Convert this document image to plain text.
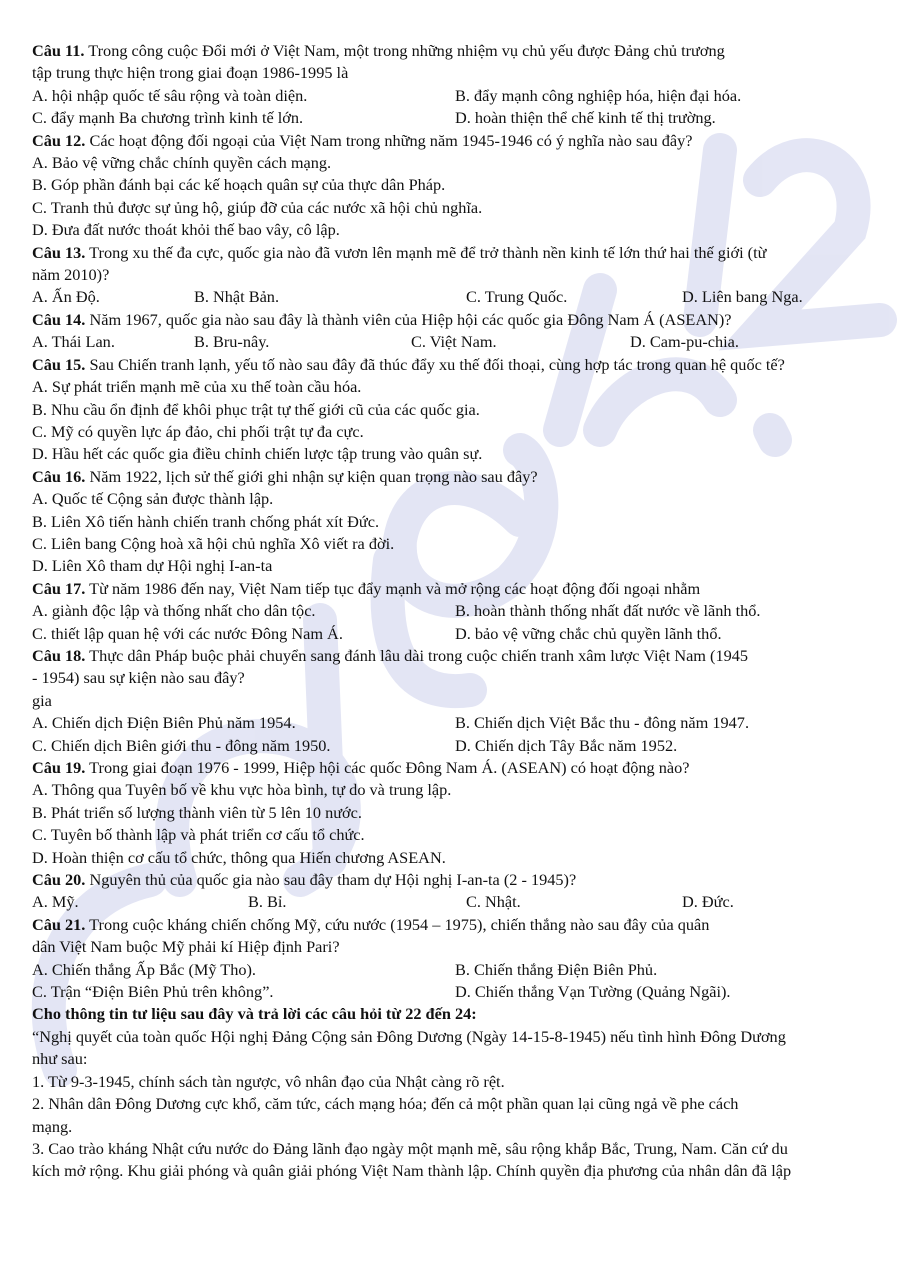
Câu 11. Trong công cuộc Đổi mới ở Việt Nam, một trong những nhiệm vụ chủ yếu được Đảng chủ trương
tập trung thực hiện trong giai đoạn 1986-1995 là
A. hội nhập quốc tế sâu rộng và toàn diện.	B. đẩy mạnh công nghiệp hóa, hiện đại hóa.
C. đẩy mạnh Ba chương trình kinh tế lớn.	D. hoàn thiện thể chế kinh tế thị trường.
Câu 12. Các hoạt động đối ngoại của Việt Nam trong những năm 1945-1946 có ý nghĩa nào sau đây?
A. Bảo vệ vững chắc chính quyền cách mạng.
B. Góp phần đánh bại các kế hoạch quân sự của thực dân Pháp.
C. Tranh thủ được sự ủng hộ, giúp đỡ của các nước xã hội chủ nghĩa.
D. Đưa đất nước thoát khỏi thế bao vây, cô lập.
Câu 13. Trong xu thế đa cực, quốc gia nào đã vươn lên mạnh mẽ để trở thành nền kinh tế lớn thứ hai thế giới (từ
năm 2010)?
A. Ấn Độ.	B. Nhật Bản.	C. Trung Quốc.	D. Liên bang Nga.
Câu 14. Năm 1967, quốc gia nào sau đây là thành viên của Hiệp hội các quốc gia Đông Nam Á (ASEAN)?
A. Thái Lan.	B. Bru-nây.	C. Việt Nam.	D. Cam-pu-chia.
Câu 15. Sau Chiến tranh lạnh, yếu tố nào sau đây đã thúc đẩy xu thế đối thoại, cùng hợp tác trong quan hệ quốc tế?
A. Sự phát triển mạnh mẽ của xu thế toàn cầu hóa.
B. Nhu cầu ổn định để khôi phục trật tự thế giới cũ của các quốc gia.
C. Mỹ có quyền lực áp đảo, chi phối trật tự đa cực.
D. Hầu hết các quốc gia điều chỉnh chiến lược tập trung vào quân sự.
Câu 16. Năm 1922, lịch sử thế giới ghi nhận sự kiện quan trọng nào sau đây?
A. Quốc tế Cộng sản được thành lập.
B. Liên Xô tiến hành chiến tranh chống phát xít Đức.
C. Liên bang Cộng hoà xã hội chủ nghĩa Xô viết ra đời.
D. Liên Xô tham dự Hội nghị I-an-ta
Câu 17. Từ năm 1986 đến nay, Việt Nam tiếp tục đẩy mạnh và mở rộng các hoạt động đối ngoại nhằm
A. giành độc lập và thống nhất cho dân tộc.	B. hoàn thành thống nhất đất nước về lãnh thổ.
C. thiết lập quan hệ với các nước Đông Nam Á.	D. bảo vệ vững chắc chủ quyền lãnh thổ.
Câu 18. Thực dân Pháp buộc phải chuyển sang đánh lâu dài trong cuộc chiến tranh xâm lược Việt Nam (1945
- 1954) sau sự kiện nào sau đây?
gia
A. Chiến dịch Điện Biên Phủ năm 1954.	B. Chiến dịch Việt Bắc thu - đông năm 1947.
C. Chiến dịch Biên giới thu - đông năm 1950.	D. Chiến dịch Tây Bắc năm 1952.
Câu 19. Trong giai đoạn 1976 - 1999, Hiệp hội các quốc Đông Nam Á. (ASEAN) có hoạt động nào?
A. Thông qua Tuyên bố về khu vực hòa bình, tự do và trung lập.
B. Phát triển số lượng thành viên từ 5 lên 10 nước.
C. Tuyên bố thành lập và phát triển cơ cấu tổ chức.
D. Hoàn thiện cơ cấu tổ chức, thông qua Hiến chương ASEAN.
Câu 20. Nguyên thủ của quốc gia nào sau đây tham dự Hội nghị I-an-ta (2 - 1945)?
A. Mỹ.	B. Bỉ.	C. Nhật.	D. Đức.
Câu 21. Trong cuộc kháng chiến chống Mỹ, cứu nước (1954 – 1975), chiến thắng nào sau đây của quân
dân Việt Nam buộc Mỹ phải kí Hiệp định Pari?
A. Chiến thắng Ấp Bắc (Mỹ Tho).	B. Chiến thắng Điện Biên Phủ.
C. Trận “Điện Biên Phủ trên không”.	D. Chiến thắng Vạn Tường (Quảng Ngãi).
Cho thông tin tư liệu sau đây và trả lời các câu hỏi từ 22 đến 24:
“Nghị quyết của toàn quốc Hội nghị Đảng Cộng sản Đông Dương (Ngày 14-15-8-1945) nếu tình hình Đông Dương
như sau:
1. Từ 9-3-1945, chính sách tàn ngược, vô nhân đạo của Nhật càng rõ rệt.
2. Nhân dân Đông Dương cực khổ, căm tức, cách mạng hóa; đến cả một phần quan lại cũng ngả về phe cách
mạng.
3. Cao trào kháng Nhật cứu nước do Đảng lãnh đạo ngày một mạnh mẽ, sâu rộng khắp Bắc, Trung, Nam. Căn cứ du
kích mở rộng. Khu giải phóng và quân giải phóng Việt Nam thành lập. Chính quyền địa phương của nhân dân đã lập
